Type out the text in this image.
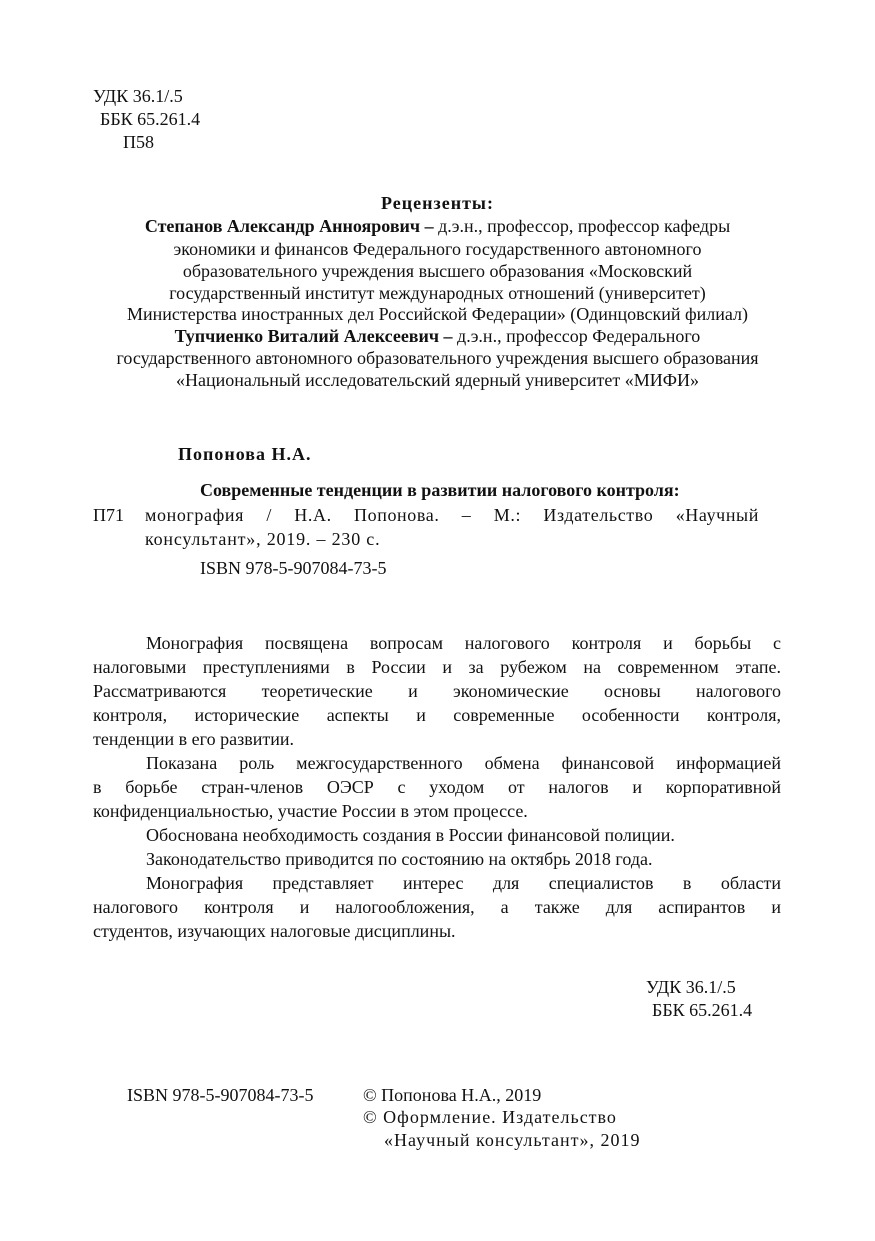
УДК 36.1/.5
ББК 65.261.4
П58
Рецензенты:
Степанов Александр Анноярович – д.э.н., профессор, профессор кафедры
экономики и финансов Федерального государственного автономного
образовательного учреждения высшего образования «Московский
государственный институт международных отношений (университет)
Министерства иностранных дел Российской Федерации» (Одинцовский филиал)
Тупчиенко Виталий Алексеевич – д.э.н., профессор Федерального
государственного автономного образовательного учреждения высшего образования
«Национальный исследовательский ядерный университет «МИФИ»
Попонова Н.А.
Современные тенденции в развитии налогового контроля:
П71 монография / Н.А. Попонова. – М.: Издательство «Научный
консультант», 2019. – 230 с.
ISBN 978-5-907084-73-5
Монография посвящена вопросам налогового контроля и борьбы с
налоговыми преступлениями в России и за рубежом на современном этапе.
Рассматриваются теоретические и экономические основы налогового
контроля, исторические аспекты и современные особенности контроля,
тенденции в его развитии.
Показана роль межгосударственного обмена финансовой информацией
в борьбе стран-членов ОЭСР с уходом от налогов и корпоративной
конфиденциальностью, участие России в этом процессе.
Обоснована необходимость создания в России финансовой полиции.
Законодательство приводится по состоянию на октябрь 2018 года.
Монография представляет интерес для специалистов в области
налогового контроля и налогообложения, а также для аспирантов и
студентов, изучающих налоговые дисциплины.
УДК 36.1/.5
ББК 65.261.4
ISBN 978-5-907084-73-5	© Попонова Н.А., 2019
© Оформление. Издательство
«Научный консультант», 2019
